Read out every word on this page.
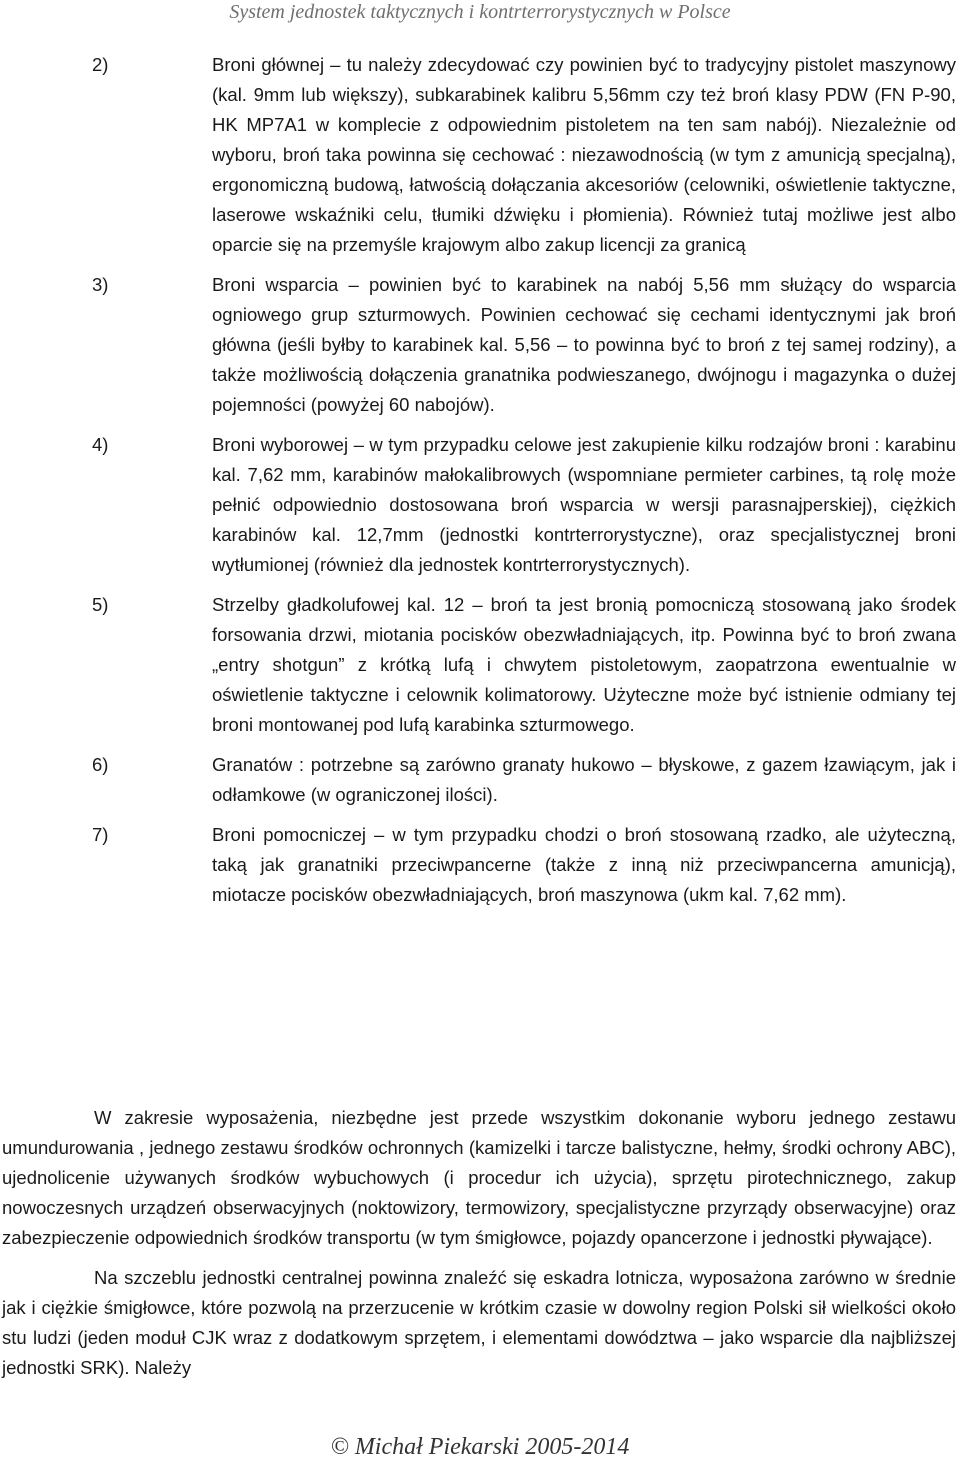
System jednostek taktycznych i kontrterrorystycznych w Polsce
2)	Broni głównej – tu należy zdecydować czy powinien być to tradycyjny pistolet maszynowy (kal. 9mm lub większy), subkarabinek kalibru 5,56mm czy też broń klasy PDW (FN P-90, HK MP7A1 w komplecie z odpowiednim pistoletem na ten sam nabój). Niezależnie od wyboru, broń taka powinna się cechować : niezawodnością (w tym z amunicją specjalną), ergonomiczną budową, łatwością dołączania akcesoriów (celowniki, oświetlenie taktyczne, laserowe wskaźniki celu, tłumiki dźwięku i płomienia). Również tutaj możliwe jest albo oparcie się na przemyśle krajowym albo zakup licencji za granicą
3)	Broni wsparcia – powinien być to karabinek na nabój 5,56 mm służący do wsparcia ogniowego grup szturmowych. Powinien cechować się cechami identycznymi jak broń główna (jeśli byłby to karabinek kal. 5,56 – to powinna być to broń z tej samej rodziny), a także możliwością dołączenia granatnika podwieszanego, dwójnogu i magazynka o dużej pojemności (powyżej 60 nabojów).
4)	Broni wyborowej – w tym przypadku celowe jest zakupienie kilku rodzajów broni : karabinu kal. 7,62 mm, karabinów małokalibrowych (wspomniane permieter carbines, tą rolę może pełnić odpowiednio dostosowana broń wsparcia w wersji parasnajperskiej), ciężkich karabinów kal. 12,7mm (jednostki kontrterrorystyczne), oraz specjalistycznej broni wytłumionej (również dla jednostek kontrterrorystycznych).
5)	Strzelby gładkolufowej kal. 12 – broń ta jest bronią pomocniczą stosowaną jako środek forsowania drzwi, miotania pocisków obezwładniających, itp. Powinna być to broń zwana „entry shotgun” z krótką lufą i chwytem pistoletowym, zaopatrzona ewentualnie w oświetlenie taktyczne i celownik kolimatorowy. Użyteczne może być istnienie odmiany tej broni montowanej pod lufą karabinka szturmowego.
6)	Granatów : potrzebne są zarówno granaty hukowo – błyskowe, z gazem łzawiącym, jak i odłamkowe (w ograniczonej ilości).
7)	Broni pomocniczej – w tym przypadku chodzi o broń stosowaną rzadko, ale użyteczną, taką jak granatniki przeciwpancerne (także z inną niż przeciwpancerna amunicją), miotacze pocisków obezwładniających, broń maszynowa (ukm kal. 7,62 mm).

W zakresie wyposażenia, niezbędne jest przede wszystkim dokonanie wyboru jednego zestawu umundurowania , jednego zestawu środków ochronnych (kamizelki i tarcze balistyczne, hełmy, środki ochrony ABC), ujednolicenie używanych środków wybuchowych (i procedur ich użycia), sprzętu pirotechnicznego, zakup nowoczesnych urządzeń obserwacyjnych (noktowizory, termowizory, specjalistyczne przyrządy obserwacyjne) oraz zabezpieczenie odpowiednich środków transportu (w tym śmigłowce, pojazdy opancerzone i jednostki pływające).

Na szczeblu jednostki centralnej powinna znaleźć się eskadra lotnicza, wyposażona zarówno w średnie jak i ciężkie śmigłowce, które pozwolą na przerzucenie w krótkim czasie w dowolny region Polski sił wielkości około stu ludzi (jeden moduł CJK wraz z dodatkowym sprzętem, i elementami dowództwa – jako wsparcie dla najbliższej jednostki SRK). Należy

© Michał Piekarski 2005-2014
